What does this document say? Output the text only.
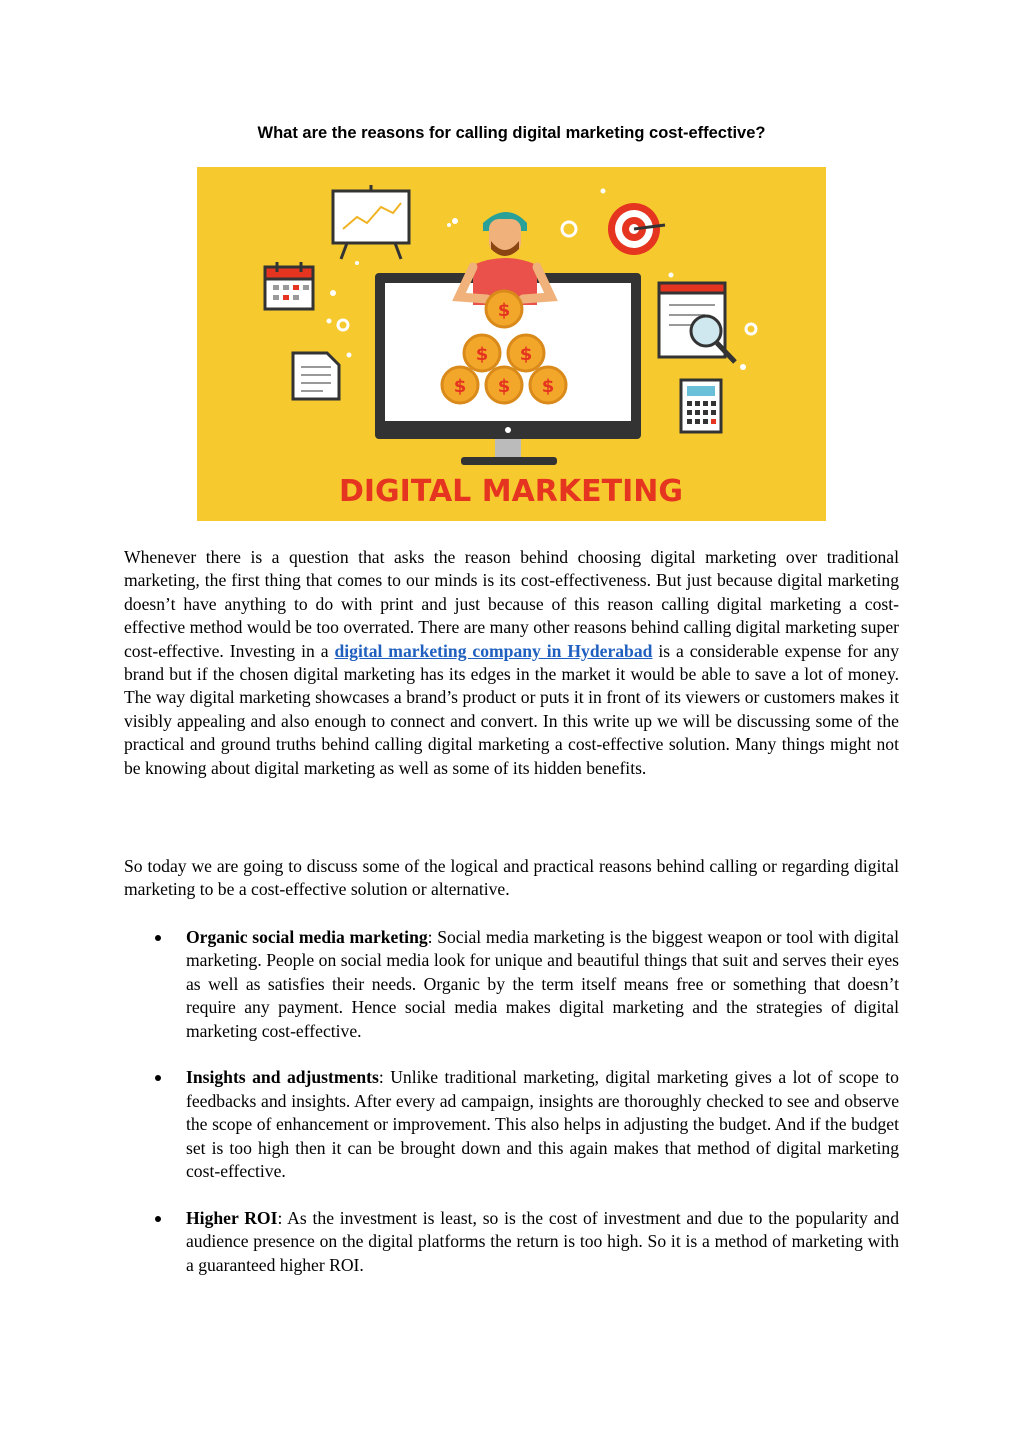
What are the reasons for calling digital marketing cost-effective?
$
$ $
$ $ $
DIGITAL MARKETING

Whenever there is a question that asks the reason behind choosing digital marketing over traditional marketing, the first thing that comes to our minds is its cost-effectiveness. But just because digital marketing doesn’t have anything to do with print and just because of this reason calling digital marketing a cost-effective method would be too overrated. There are many other reasons behind calling digital marketing super cost-effective. Investing in a digital marketing company in Hyderabad is a considerable expense for any brand but if the chosen digital marketing has its edges in the market it would be able to save a lot of money. The way digital marketing showcases a brand’s product or puts it in front of its viewers or customers makes it visibly appealing and also enough to connect and convert. In this write up we will be discussing some of the practical and ground truths behind calling digital marketing a cost-effective solution. Many things might not be knowing about digital marketing as well as some of its hidden benefits.

So today we are going to discuss some of the logical and practical reasons behind calling or regarding digital marketing to be a cost-effective solution or alternative.

Organic social media marketing: Social media marketing is the biggest weapon or tool with digital marketing. People on social media look for unique and beautiful things that suit and serves their eyes as well as satisfies their needs. Organic by the term itself means free or something that doesn’t require any payment. Hence social media makes digital marketing and the strategies of digital marketing cost-effective.
Insights and adjustments: Unlike traditional marketing, digital marketing gives a lot of scope to feedbacks and insights. After every ad campaign, insights are thoroughly checked to see and observe the scope of enhancement or improvement. This also helps in adjusting the budget. And if the budget set is too high then it can be brought down and this again makes that method of digital marketing cost-effective.
Higher ROI: As the investment is least, so is the cost of investment and due to the popularity and audience presence on the digital platforms the return is too high. So it is a method of marketing with a guaranteed higher ROI.
